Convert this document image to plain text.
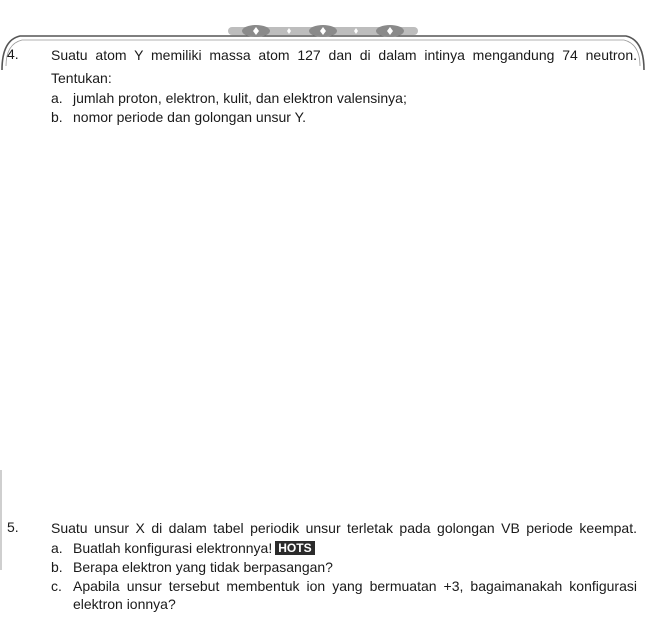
4. Suatu atom Y memiliki massa atom 127 dan di dalam intinya mengandung 74 neutron.
Tentukan:
a. jumlah proton, elektron, kulit, dan elektron valensinya;
b. nomor periode dan golongan unsur Y.
5. Suatu unsur X di dalam tabel periodik unsur terletak pada golongan VB periode keempat.
a. Buatlah konfigurasi elektronnya! HOTS
b. Berapa elektron yang tidak berpasangan?
c. Apabila unsur tersebut membentuk ion yang bermuatan +3, bagaimanakah konfigurasi
elektron ionnya?
